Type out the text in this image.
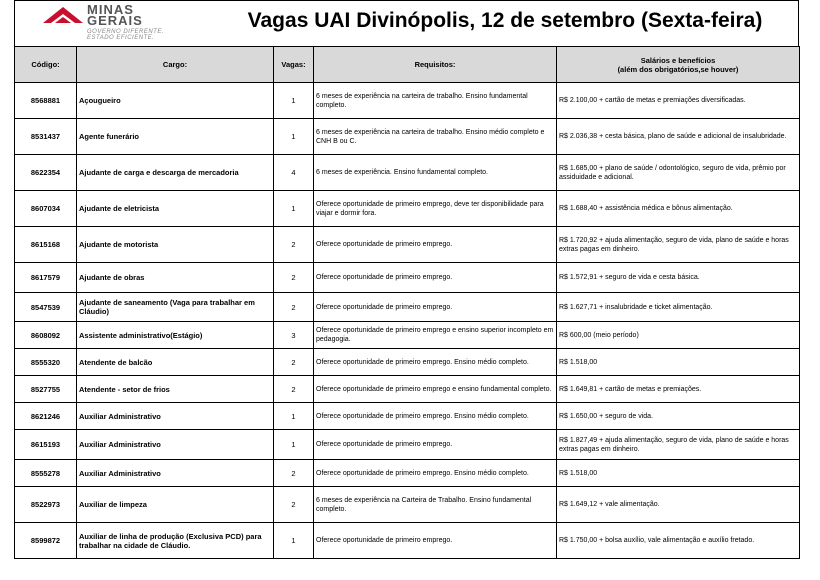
MINAS
GERAIS
GOVERNO DIFERENTE.
ESTADO EFICIENTE.
Vagas UAI Divinópolis, 12 de setembro (Sexta-feira)
Código:	Cargo:	Vagas:	Requisitos:	Salários e benefícios
(além dos obrigatórios,se houver)

8568881	Açougueiro	1	6 meses de experiência na carteira de trabalho. Ensino fundamental completo.	R$ 2.100,00 + cartão de metas e premiações diversificadas.
8531437	Agente funerário	1	6 meses de experiência na carteira de trabalho. Ensino médio completo e CNH B ou C.	R$ 2.036,38 + cesta básica, plano de saúde e adicional de insalubridade.
8622354	Ajudante de carga e descarga de mercadoria	4	6 meses de experiência. Ensino fundamental completo.	R$ 1.685,00 + plano de saúde / odontológico, seguro de vida, prêmio por assiduidade e adicional.
8607034	Ajudante de eletricista	1	Oferece oportunidade de primeiro emprego, deve ter disponibilidade para viajar e dormir fora.	R$ 1.688,40 + assistência médica e bônus alimentação.
8615168	Ajudante de motorista	2	Oferece oportunidade de primeiro emprego.	R$ 1.720,92 + ajuda alimentação, seguro de vida, plano de saúde e horas extras pagas em dinheiro.
8617579	Ajudante de obras	2	Oferece oportunidade de primeiro emprego.	R$ 1.572,91 + seguro de vida e cesta básica.
8547539	Ajudante de saneamento (Vaga para trabalhar em Cláudio)	2	Oferece oportunidade de primeiro emprego.	R$ 1.627,71 + insalubridade e ticket alimentação.
8608092	Assistente administrativo(Estágio)	3	Oferece oportunidade de primeiro emprego e ensino superior incompleto em pedagogia.	R$ 600,00 (meio período)
8555320	Atendente de balcão	2	Oferece oportunidade de primeiro emprego. Ensino médio completo.	R$ 1.518,00
8527755	Atendente - setor de frios	2	Oferece oportunidade de primeiro emprego e ensino fundamental completo.	R$ 1.649,81 + cartão de metas e premiações.
8621246	Auxiliar Administrativo	1	Oferece oportunidade de primeiro emprego. Ensino médio completo.	R$ 1.650,00 + seguro de vida.
8615193	Auxiliar Administrativo	1	Oferece oportunidade de primeiro emprego.	R$ 1.827,49 + ajuda alimentação, seguro de vida, plano de saúde e horas extras pagas em dinheiro.
8555278	Auxiliar Administrativo	2	Oferece oportunidade de primeiro emprego. Ensino médio completo.	R$ 1.518,00
8522973	Auxiliar de limpeza	2	6 meses de experiência na Carteira de Trabalho. Ensino fundamental completo.	R$ 1.649,12 + vale alimentação.
8599872	Auxiliar de linha de produção (Exclusiva PCD) para trabalhar na cidade de Cláudio.	1	Oferece oportunidade de primeiro emprego.	R$ 1.750,00 + bolsa auxílio, vale alimentação e auxílio fretado.
